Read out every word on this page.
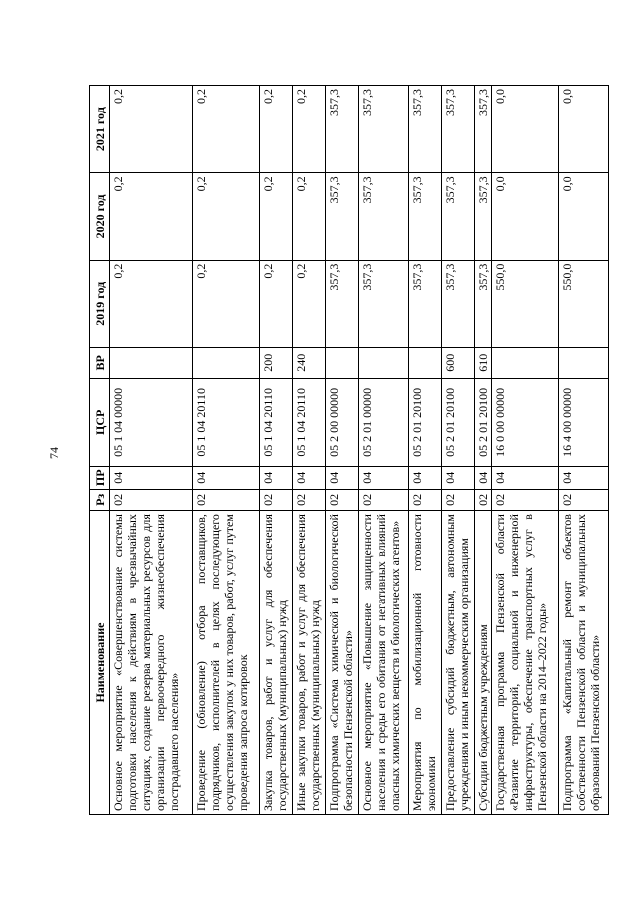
74
Наименование	Рз	ПР	ЦСР	ВР	2019 год	2020 год	2021 год
Основное мероприятие «Совершенствование системы подготовки населения к действиям в чрезвычайных ситуациях, создание резерва материальных ресурсов для организации первоочередного жизнеобеспечения пострадавшего населения»	02	04	05 1 04 00000		0,2	0,2	0,2
Проведение (обновление) отбора поставщиков, подрядчиков, исполнителей в целях последующего осуществления закупок у них товаров, работ, услуг путем проведения запроса котировок	02	04	05 1 04 20110		0,2	0,2	0,2
Закупка товаров, работ и услуг для обеспечения государственных (муниципальных) нужд	02	04	05 1 04 20110	200	0,2	0,2	0,2
Иные закупки товаров, работ и услуг для обеспечения государственных (муниципальных) нужд	02	04	05 1 04 20110	240	0,2	0,2	0,2
Подпрограмма «Система химической и биологической безопасности Пензенской области»	02	04	05 2 00 00000		357,3	357,3	357,3
Основное мероприятие «Повышение защищенности населения и среды его обитания от негативных влияний опасных химических веществ и биологических агентов»	02	04	05 2 01 00000		357,3	357,3	357,3
Мероприятия по мобилизационной готовности экономики	02	04	05 2 01 20100		357,3	357,3	357,3
Предоставление субсидий бюджетным, автономным учреждениям и иным некоммерческим организациям	02	04	05 2 01 20100	600	357,3	357,3	357,3
Субсидии бюджетным учреждениям	02	04	05 2 01 20100	610	357,3	357,3	357,3
Государственная программа Пензенской области «Развитие территорий, социальной и инженерной инфраструктуры, обеспечение транспортных услуг в Пензенской области на 2014–2022 годы»	02	04	16 0 00 00000		550,0	0,0	0,0
Подпрограмма «Капитальный ремонт объектов собственности Пензенской области и муниципальных образований Пензенской области»	02	04	16 4 00 00000		550,0	0,0	0,0
